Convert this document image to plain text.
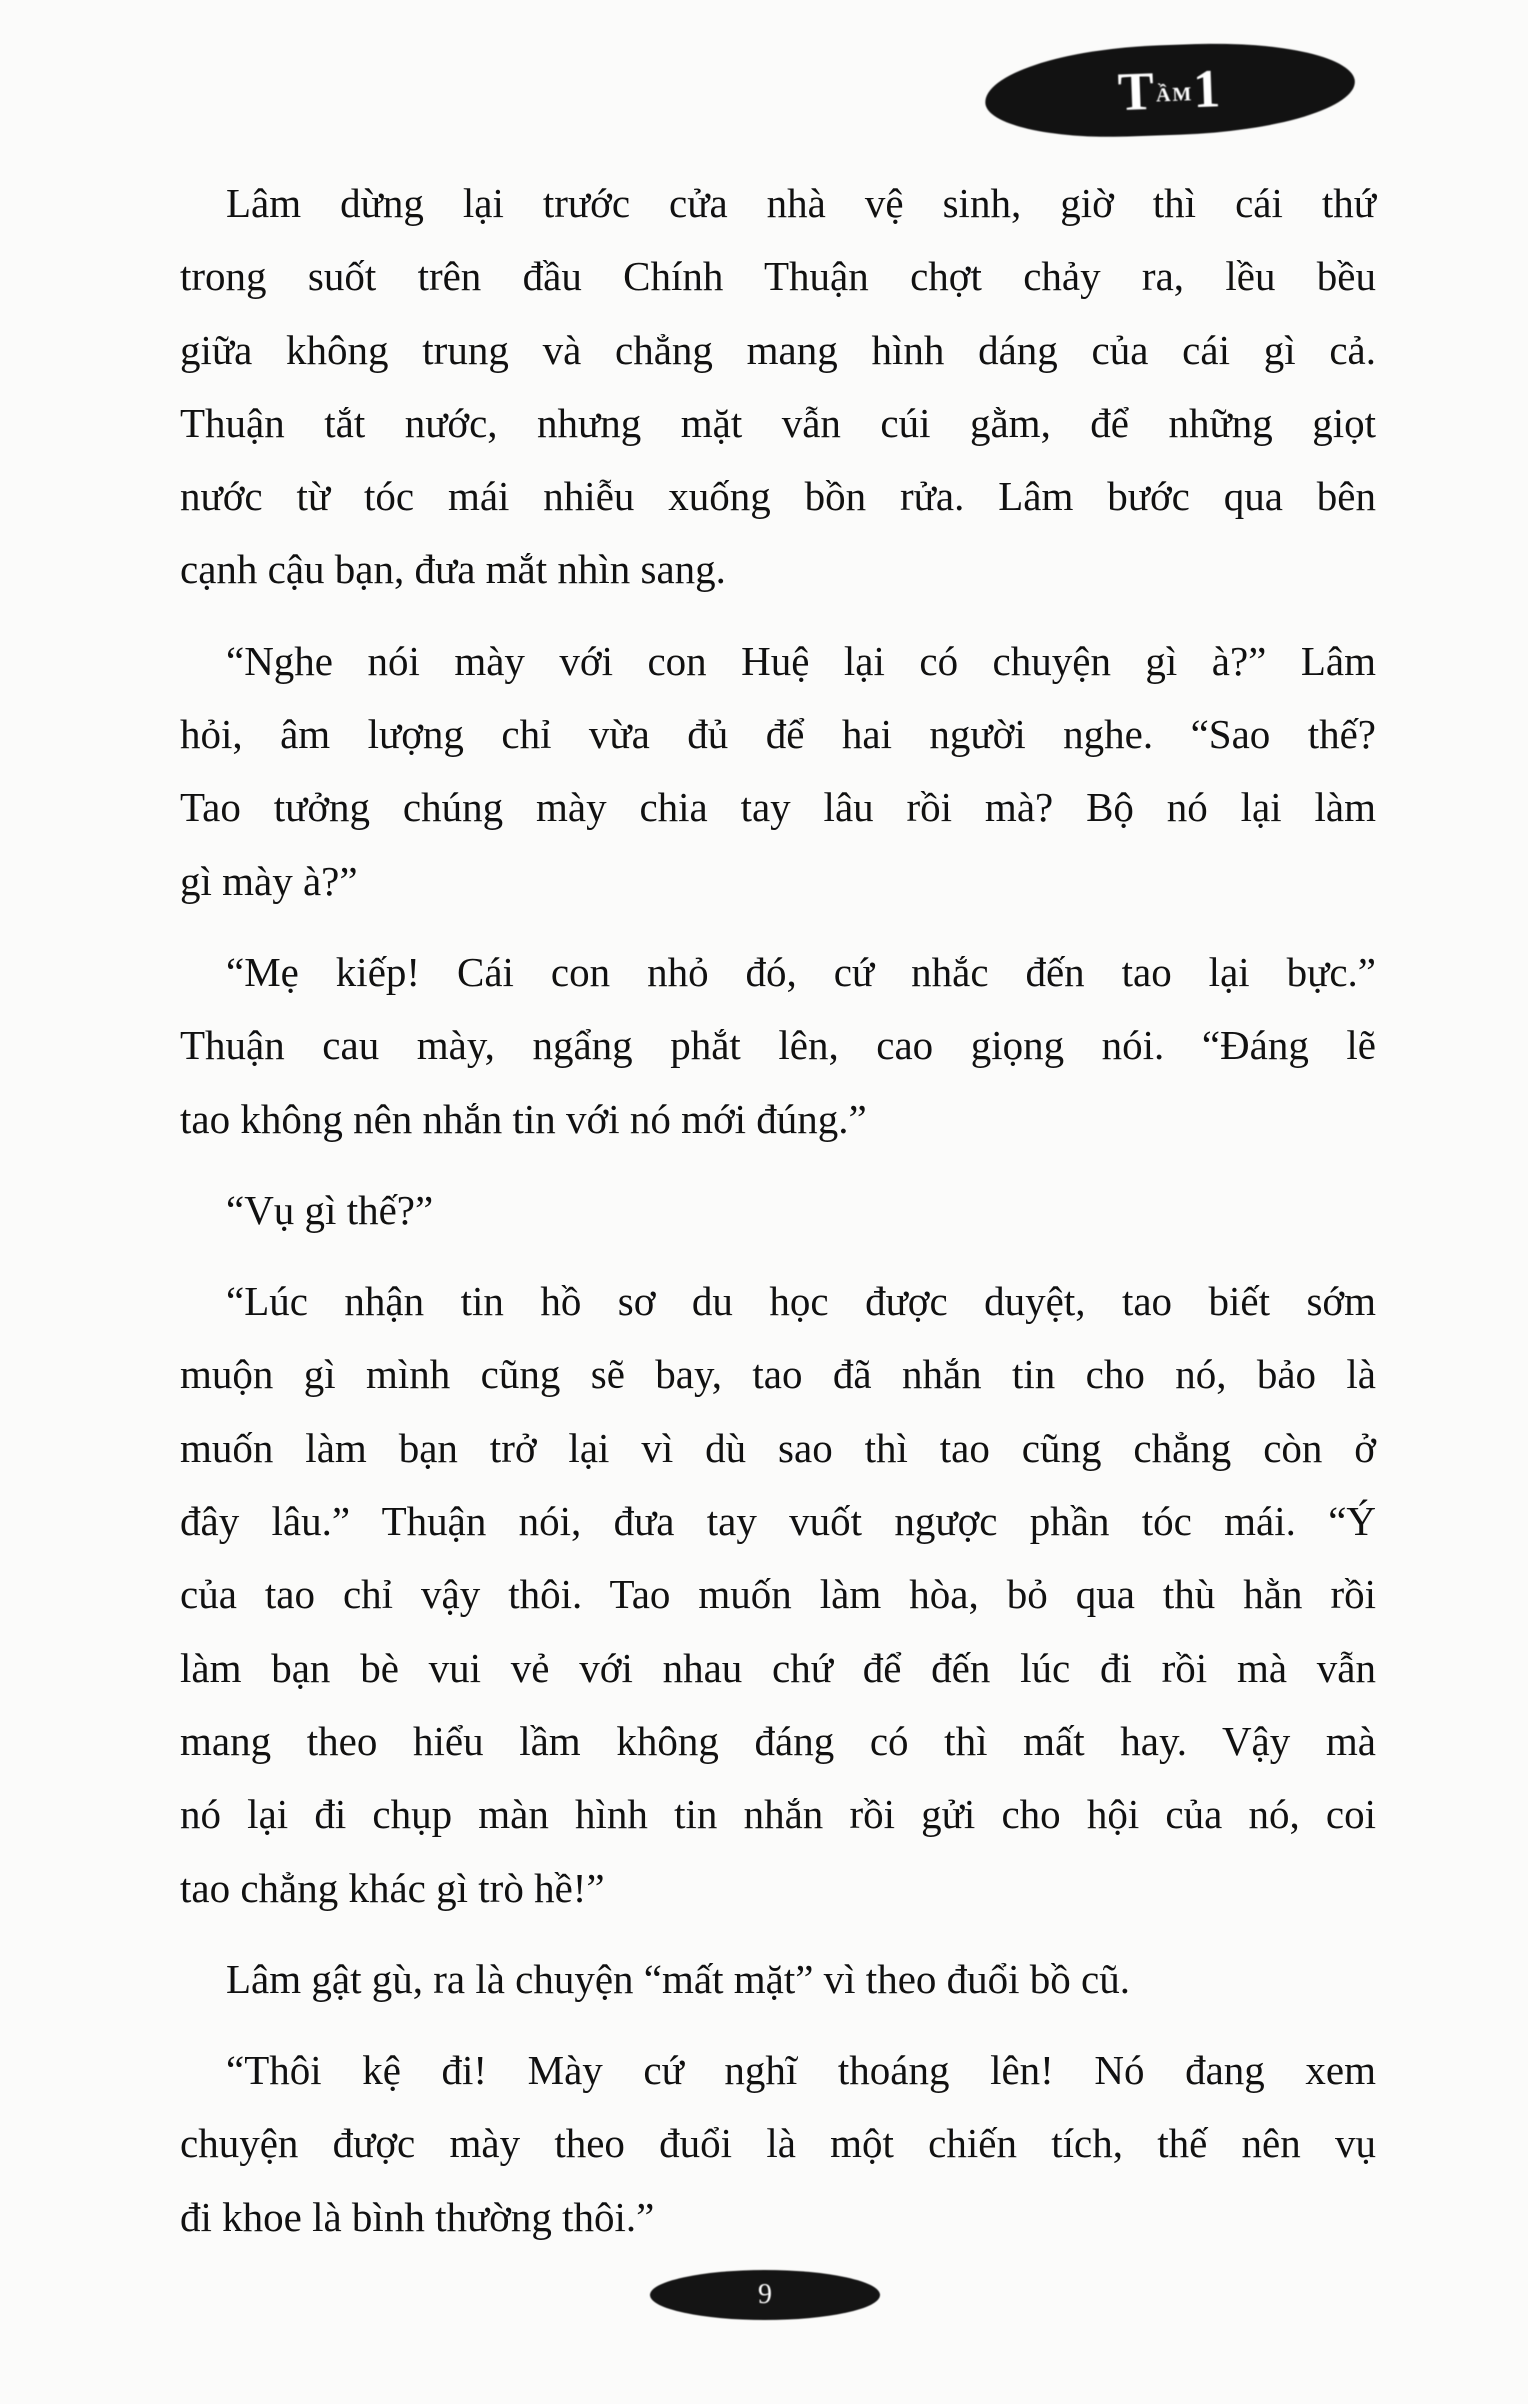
TẦM1
Lâm dừng lại trước cửa nhà vệ sinh, giờ thì cái thứ
trong suốt trên đầu Chính Thuận chợt chảy ra, lều bều
giữa không trung và chẳng mang hình dáng của cái gì cả.
Thuận tắt nước, nhưng mặt vẫn cúi gằm, để những giọt
nước từ tóc mái nhiễu xuống bồn rửa. Lâm bước qua bên
cạnh cậu bạn, đưa mắt nhìn sang.
“Nghe nói mày với con Huệ lại có chuyện gì à?” Lâm
hỏi, âm lượng chỉ vừa đủ để hai người nghe. “Sao thế?
Tao tưởng chúng mày chia tay lâu rồi mà? Bộ nó lại làm
gì mày à?”
“Mẹ kiếp! Cái con nhỏ đó, cứ nhắc đến tao lại bực.”
Thuận cau mày, ngẩng phắt lên, cao giọng nói. “Đáng lẽ
tao không nên nhắn tin với nó mới đúng.”
“Vụ gì thế?”
“Lúc nhận tin hồ sơ du học được duyệt, tao biết sớm
muộn gì mình cũng sẽ bay, tao đã nhắn tin cho nó, bảo là
muốn làm bạn trở lại vì dù sao thì tao cũng chẳng còn ở
đây lâu.” Thuận nói, đưa tay vuốt ngược phần tóc mái. “Ý
của tao chỉ vậy thôi. Tao muốn làm hòa, bỏ qua thù hằn rồi
làm bạn bè vui vẻ với nhau chứ để đến lúc đi rồi mà vẫn
mang theo hiểu lầm không đáng có thì mất hay. Vậy mà
nó lại đi chụp màn hình tin nhắn rồi gửi cho hội của nó, coi
tao chẳng khác gì trò hề!”
Lâm gật gù, ra là chuyện “mất mặt” vì theo đuổi bồ cũ.
“Thôi kệ đi! Mày cứ nghĩ thoáng lên! Nó đang xem
chuyện được mày theo đuổi là một chiến tích, thế nên vụ
đi khoe là bình thường thôi.”
9
